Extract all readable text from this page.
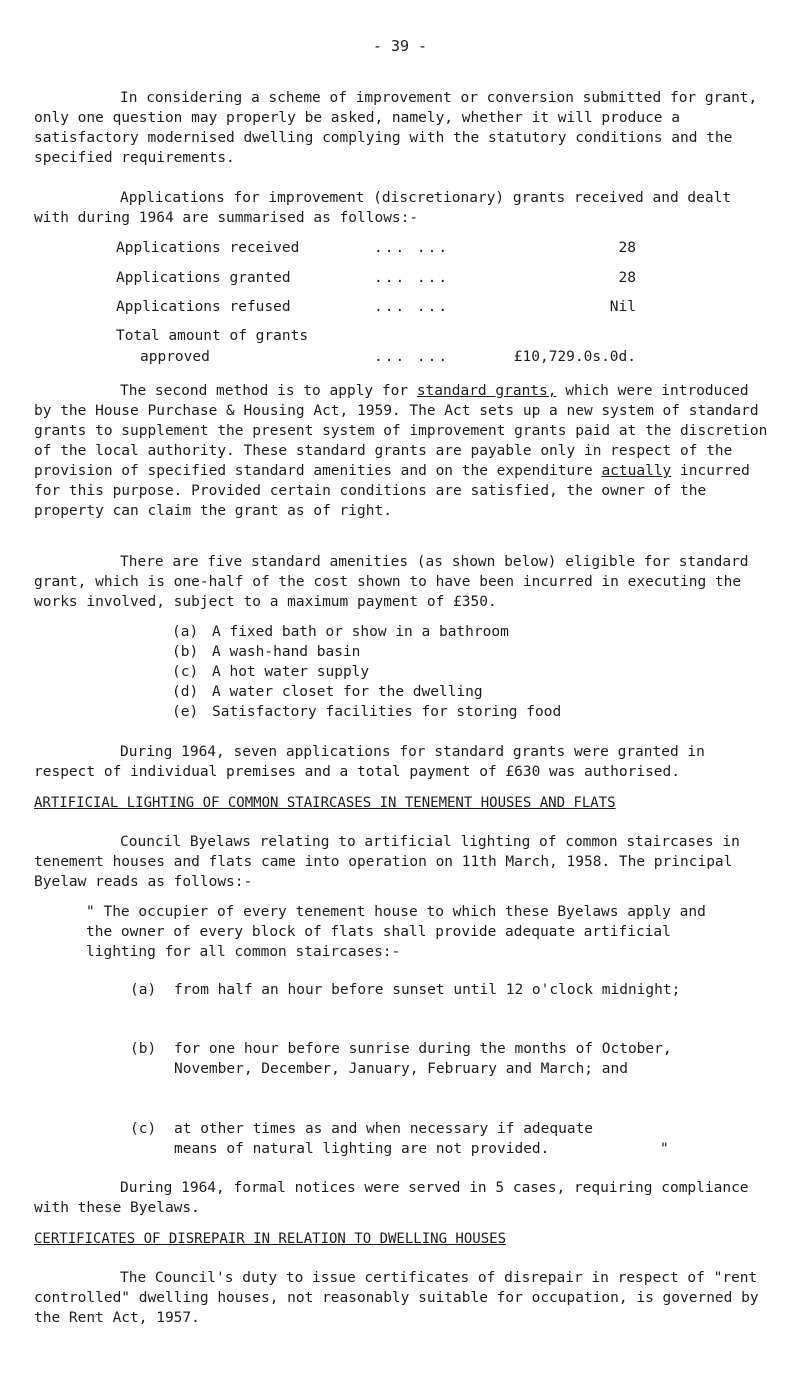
- 39 -

In considering a scheme of improvement or conversion submitted for grant, only one question may properly be asked, namely, whether it will produce a satisfactory modernised dwelling complying with the statutory conditions and the specified requirements.

Applications for improvement (discretionary) grants received and dealt with during 1964 are summarised as follows:-

Applications received	... ...	28
Applications granted	... ...	28
Applications refused	... ...	Nil
Total amount of grants
approved	... ...	£10,729.0s.0d.

The second method is to apply for standard grants, which were introduced by the House Purchase & Housing Act, 1959. The Act sets up a new system of standard grants to supplement the present system of improvement grants paid at the discretion of the local authority. These standard grants are payable only in respect of the provision of specified standard amenities and on the expenditure actually incurred for this purpose. Provided certain conditions are satisfied, the owner of the property can claim the grant as of right.

There are five standard amenities (as shown below) eligible for standard grant, which is one-half of the cost shown to have been incurred in executing the works involved, subject to a maximum payment of £350.

(a) A fixed bath or show in a bathroom
(b) A wash-hand basin
(c) A hot water supply
(d) A water closet for the dwelling
(e) Satisfactory facilities for storing food

During 1964, seven applications for standard grants were granted in respect of individual premises and a total payment of £630 was authorised.

ARTIFICIAL LIGHTING OF COMMON STAIRCASES IN TENEMENT HOUSES AND FLATS

Council Byelaws relating to artificial lighting of common staircases in tenement houses and flats came into operation on 11th March, 1958. The principal Byelaw reads as follows:-

" The occupier of every tenement house to which these Byelaws apply and the owner of every block of flats shall provide adequate artificial lighting for all common staircases:-

(a) from half an hour before sunset until 12 o'clock midnight;
(b) for one hour before sunrise during the months of October, November, December, January, February and March; and
(c) at other times as and when necessary if adequate means of natural lighting are not provided.	"

During 1964, formal notices were served in 5 cases, requiring compliance with these Byelaws.

CERTIFICATES OF DISREPAIR IN RELATION TO DWELLING HOUSES

The Council's duty to issue certificates of disrepair in respect of "rent controlled" dwelling houses, not reasonably suitable for occupation, is governed by the Rent Act, 1957.
